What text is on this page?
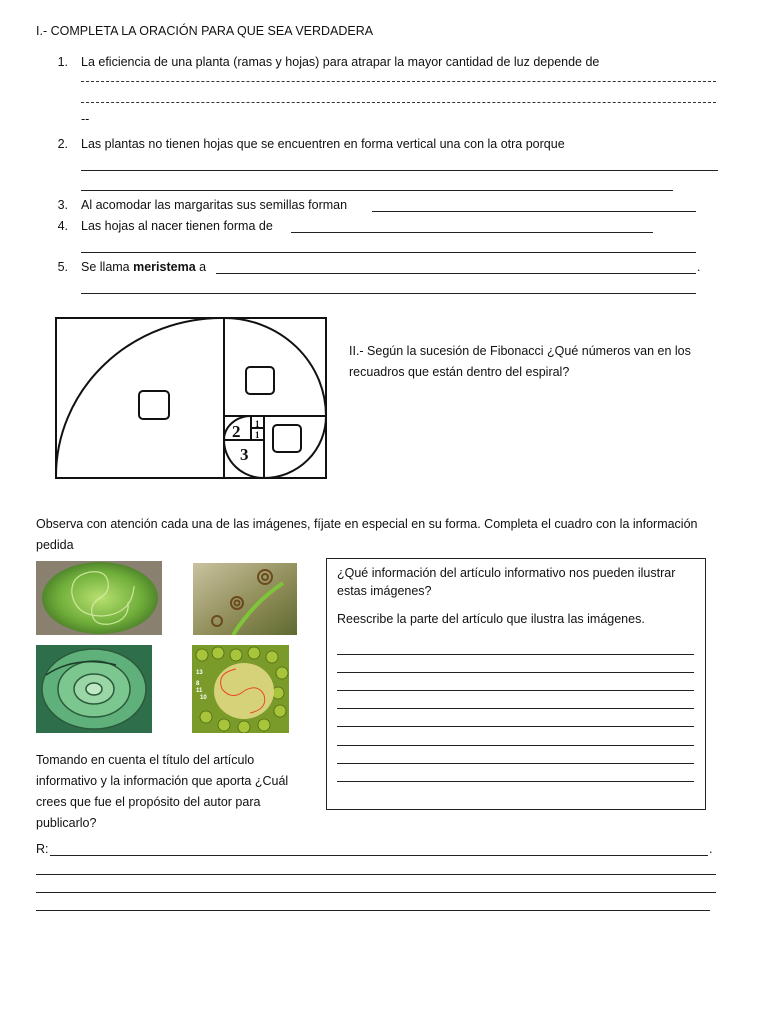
I.- COMPLETA LA ORACIÓN PARA QUE SEA VERDADERA
1. La eficiencia de una planta (ramas y hojas) para atrapar la mayor cantidad de luz depende de
--
2. Las plantas no tienen hojas que se encuentren en forma vertical una con la otra porque
3. Al acomodar las margaritas sus semillas forman
4. Las hojas al nacer tienen forma de
5. Se llama meristema a	.
2
3
1
1
II.- Según la sucesión de Fibonacci ¿Qué números van en los recuadros que están dentro del espiral?
Observa con atención cada una de las imágenes, fíjate en especial en su forma. Completa el cuadro con la información pedida
13
8
11
10
¿Qué información del artículo informativo nos pueden ilustrar estas imágenes?
Reescribe la parte del artículo que ilustra las imágenes.
Tomando en cuenta el título del artículo informativo y la información que aporta ¿Cuál crees que fue el propósito del autor para publicarlo?
R:	.
